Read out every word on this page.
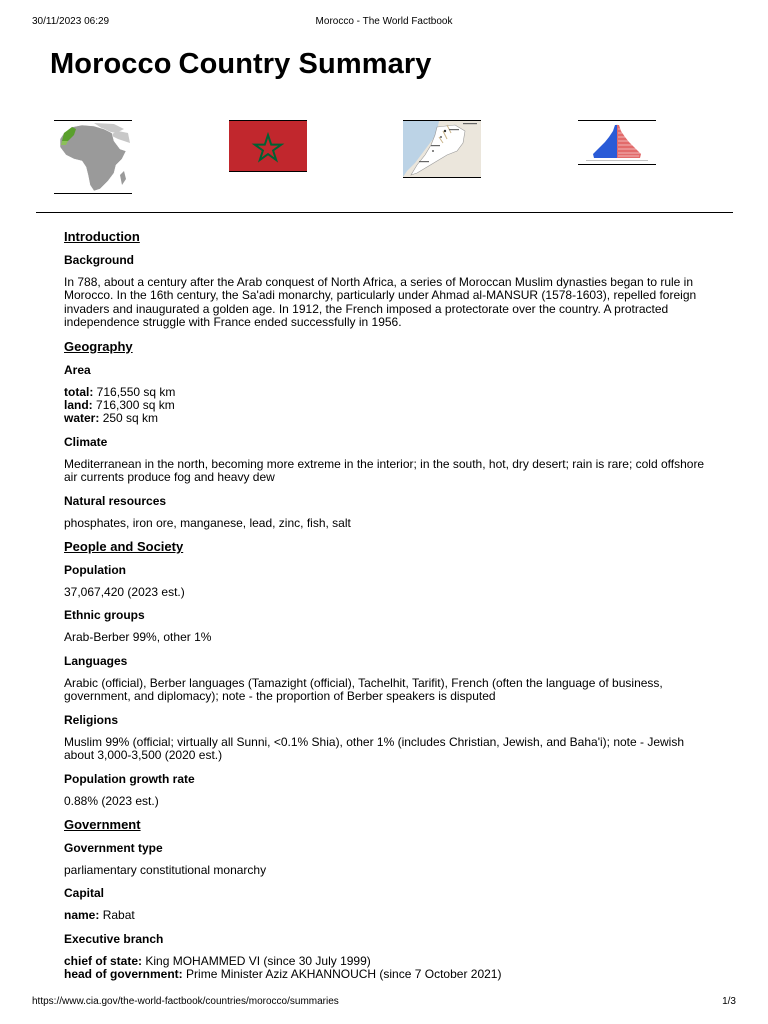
30/11/2023 06:29	Morocco - The World Factbook
Morocco Country Summary
Introduction
Background

In 788, about a century after the Arab conquest of North Africa, a series of Moroccan Muslim dynasties began to rule in Morocco. In the 16th century, the Sa'adi monarchy, particularly under Ahmad al-MANSUR (1578-1603), repelled foreign invaders and inaugurated a golden age. In 1912, the French imposed a protectorate over the country. A protracted independence struggle with France ended successfully in 1956.

Geography
Area

total: 716,550 sq km

land: 716,300 sq km

water: 250 sq km

Climate

Mediterranean in the north, becoming more extreme in the interior; in the south, hot, dry desert; rain is rare; cold offshore air currents produce fog and heavy dew

Natural resources

phosphates, iron ore, manganese, lead, zinc, fish, salt

People and Society
Population

37,067,420 (2023 est.)

Ethnic groups

Arab-Berber 99%, other 1%

Languages

Arabic (official), Berber languages (Tamazight (official), Tachelhit, Tarifit), French (often the language of business, government, and diplomacy); note - the proportion of Berber speakers is disputed

Religions

Muslim 99% (official; virtually all Sunni, <0.1% Shia), other 1% (includes Christian, Jewish, and Baha'i); note - Jewish about 3,000-3,500 (2020 est.)

Population growth rate

0.88% (2023 est.)

Government
Government type

parliamentary constitutional monarchy

Capital

name: Rabat

Executive branch

chief of state: King MOHAMMED VI (since 30 July 1999)

head of government: Prime Minister Aziz AKHANNOUCH (since 7 October 2021)

https://www.cia.gov/the-world-factbook/countries/morocco/summaries	1/3
